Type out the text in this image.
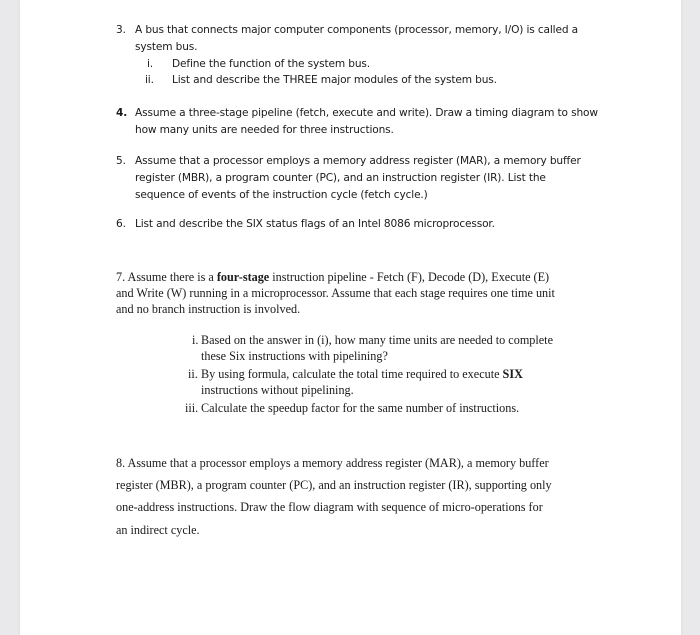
3. A bus that connects major computer components (processor, memory, I/O) is called a
system bus.
i. Define the function of the system bus.
ii. List and describe the THREE major modules of the system bus.
4. Assume a three-stage pipeline (fetch, execute and write). Draw a timing diagram to show
how many units are needed for three instructions.
5. Assume that a processor employs a memory address register (MAR), a memory buffer
register (MBR), a program counter (PC), and an instruction register (IR). List the
sequence of events of the instruction cycle (fetch cycle.)
6. List and describe the SIX status flags of an Intel 8086 microprocessor.
7. Assume there is a four-stage instruction pipeline - Fetch (F), Decode (D), Execute (E)
and Write (W) running in a microprocessor. Assume that each stage requires one time unit
and no branch instruction is involved.
i. Based on the answer in (i), how many time units are needed to complete
these Six instructions with pipelining?
ii. By using formula, calculate the total time required to execute SIX
instructions without pipelining.
iii. Calculate the speedup factor for the same number of instructions.
8. Assume that a processor employs a memory address register (MAR), a memory buffer
register (MBR), a program counter (PC), and an instruction register (IR), supporting only
one-address instructions. Draw the flow diagram with sequence of micro-operations for
an indirect cycle.
